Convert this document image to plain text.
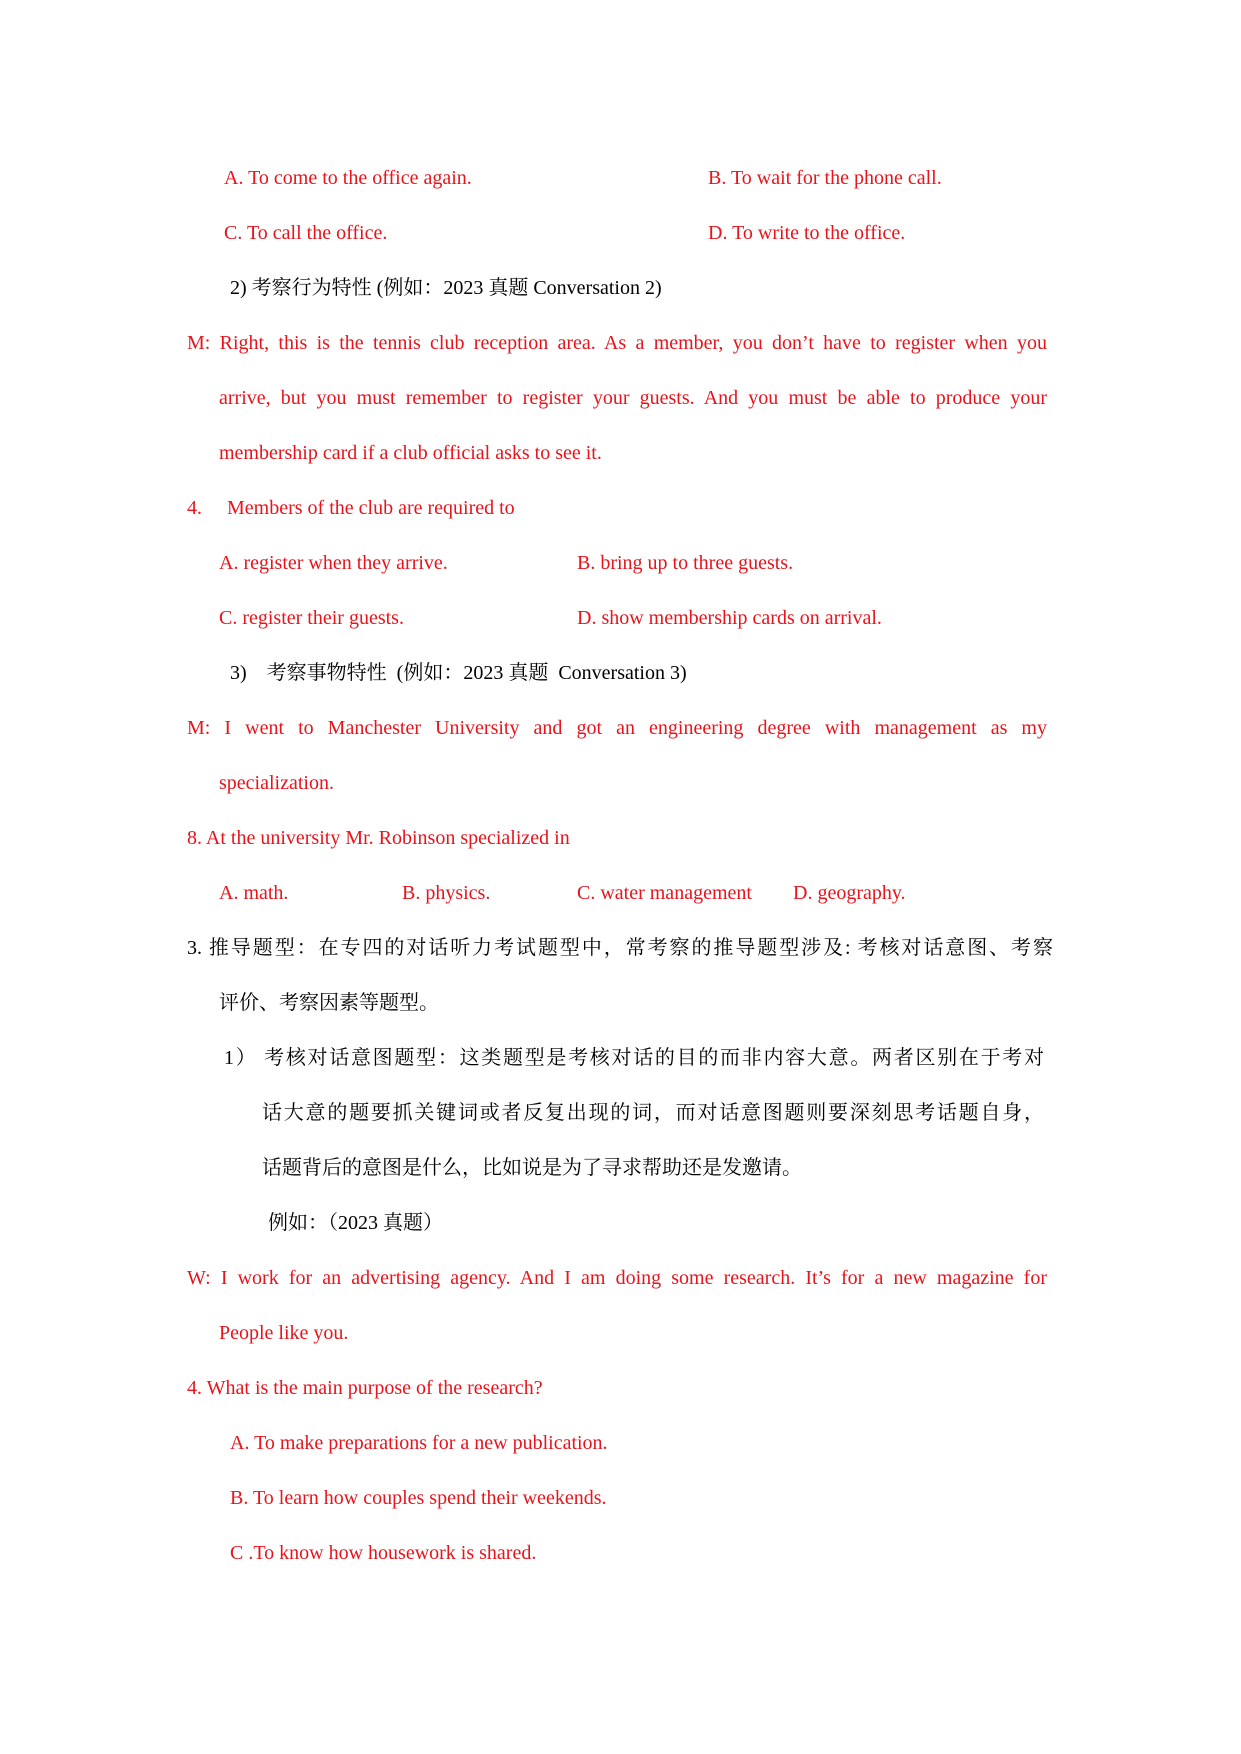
A. To come to the office again.	B. To wait for the phone call.
C. To call the office.	D. To write to the office.
2) 考察行为特性 (例如：2023 真题 Conversation 2)
M: Right, this is the tennis club reception area. As a member, you don’t have to register when you
arrive, but you must remember to register your guests. And you must be able to produce your
membership card if a club official asks to see it.
4.     Members of the club are required to
A. register when they arrive.	B. bring up to three guests.
C. register their guests.	D. show membership cards on arrival.
3)    考察事物特性  (例如：2023 真题  Conversation 3)
M: I went to Manchester University and got an engineering degree with management as my
specialization.
8. At the university Mr. Robinson specialized in
A. math.	B. physics.	C. water management D. geography.
3. 推导题型：在专四的对话听力考试题型中，常考察的推导题型涉及: 考核对话意图、考察
评价、考察因素等题型。
1） 考核对话意图题型：这类题型是考核对话的目的而非内容大意。两者区别在于考对
话大意的题要抓关键词或者反复出现的词，而对话意图题则要深刻思考话题自身，
话题背后的意图是什么，比如说是为了寻求帮助还是发邀请。
例如：（2023 真题）
W: I work for an advertising agency. And I am doing some research. It’s for a new magazine for
People like you.
4. What is the main purpose of the research?
A. To make preparations for a new publication.
B. To learn how couples spend their weekends.
C .To know how housework is shared.
